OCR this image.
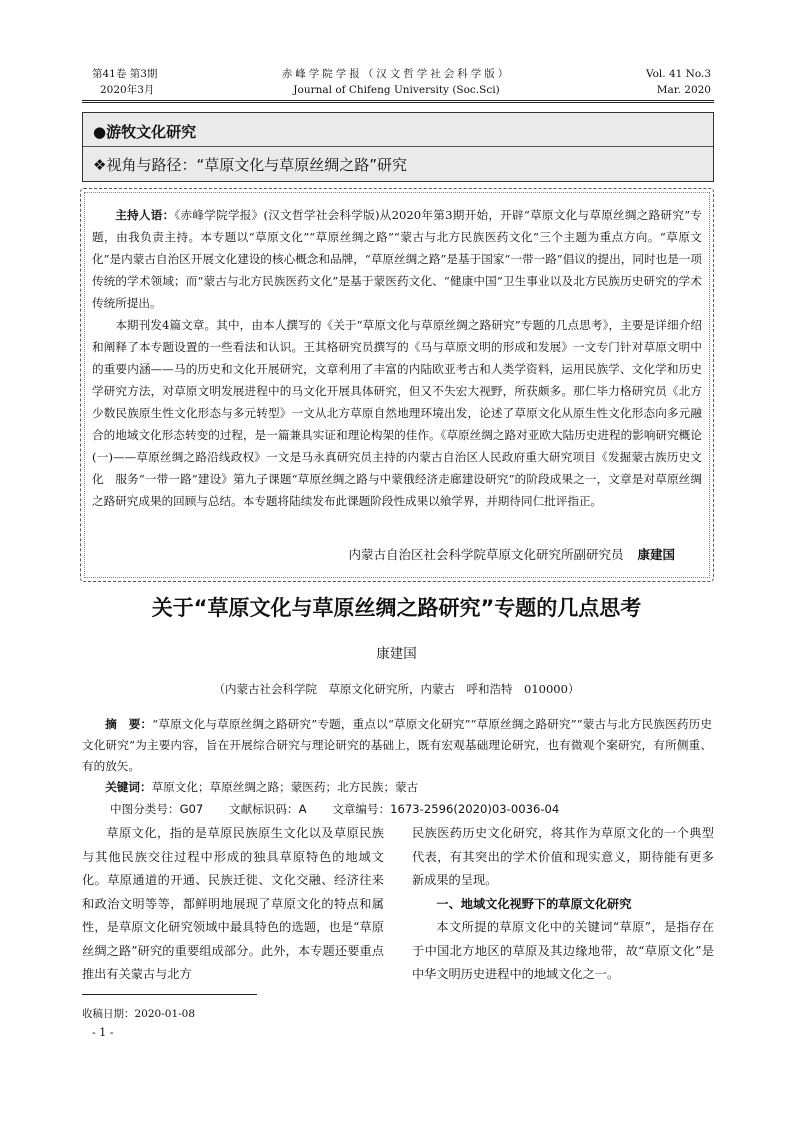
第41卷 第3期
2020年3月
赤峰学院学报（汉文哲学社会科学版）
Journal of Chifeng University (Soc.Sci)
Vol. 41 No.3
Mar. 2020
●游牧文化研究
❖视角与路径：“草原文化与草原丝绸之路”研究

主持人语：《赤峰学院学报》(汉文哲学社会科学版)从2020年第3期开始，开辟“草原文化与草原丝绸之路研究”专题，由我负责主持。本专题以“草原文化”“草原丝绸之路”“蒙古与北方民族医药文化”三个主题为重点方向。“草原文化”是内蒙古自治区开展文化建设的核心概念和品牌，“草原丝绸之路”是基于国家“一带一路”倡议的提出，同时也是一项传统的学术领域；而“蒙古与北方民族医药文化”是基于蒙医药文化、“健康中国”卫生事业以及北方民族历史研究的学术传统所提出。

本期刊发4篇文章。其中，由本人撰写的《关于“草原文化与草原丝绸之路研究”专题的几点思考》，主要是详细介绍和阐释了本专题设置的一些看法和认识。王其格研究员撰写的《马与草原文明的形成和发展》一文专门针对草原文明中的重要内涵——马的历史和文化开展研究，文章利用了丰富的内陆欧亚考古和人类学资料，运用民族学、文化学和历史学研究方法，对草原文明发展进程中的马文化开展具体研究，但又不失宏大视野，所获颇多。那仁毕力格研究员《北方少数民族原生性文化形态与多元转型》一文从北方草原自然地理环境出发，论述了草原文化从原生性文化形态向多元融合的地域文化形态转变的过程，是一篇兼具实证和理论构架的佳作。《草原丝绸之路对亚欧大陆历史进程的影响研究概论(一)——草原丝绸之路沿线政权》一文是马永真研究员主持的内蒙古自治区人民政府重大研究项目《发掘蒙古族历史文化　服务“一带一路”建设》第九子课题“草原丝绸之路与中蒙俄经济走廊建设研究”的阶段成果之一，文章是对草原丝绸之路研究成果的回顾与总结。本专题将陆续发布此课题阶段性成果以飨学界，并期待同仁批评指正。

内蒙古自治区社会科学院草原文化研究所副研究员 康建国
关于“草原文化与草原丝绸之路研究”专题的几点思考
康建国
（内蒙古社会科学院　草原文化研究所，内蒙古　呼和浩特　010000）

摘　要：“草原文化与草原丝绸之路研究”专题，重点以“草原文化研究”“草原丝绸之路研究”“蒙古与北方民族医药历史文化研究”为主要内容，旨在开展综合研究与理论研究的基础上，既有宏观基础理论研究，也有微观个案研究，有所侧重、有的放矢。

关键词：草原文化；草原丝绸之路；蒙医药；北方民族；蒙古

中图分类号：G07 文献标识码：A 文章编号：1673-2596(2020)03-0036-04

草原文化，指的是草原民族原生文化以及草原民族与其他民族交往过程中形成的独具草原特色的地域文化。草原通道的开通、民族迁徙、文化交融、经济往来和政治文明等等，都鲜明地展现了草原文化的特点和属性，是草原文化研究领域中最具特色的选题，也是“草原丝绸之路”研究的重要组成部分。此外，本专题还要重点推出有关蒙古与北方

民族医药历史文化研究，将其作为草原文化的一个典型代表，有其突出的学术价值和现实意义，期待能有更多新成果的呈现。

一、地域文化视野下的草原文化研究

本文所提的草原文化中的关键词“草原”，是指存在于中国北方地区的草原及其边缘地带，故“草原文化”是中华文明历史进程中的地域文化之一。

收稿日期：2020-01-08
- 1 -
